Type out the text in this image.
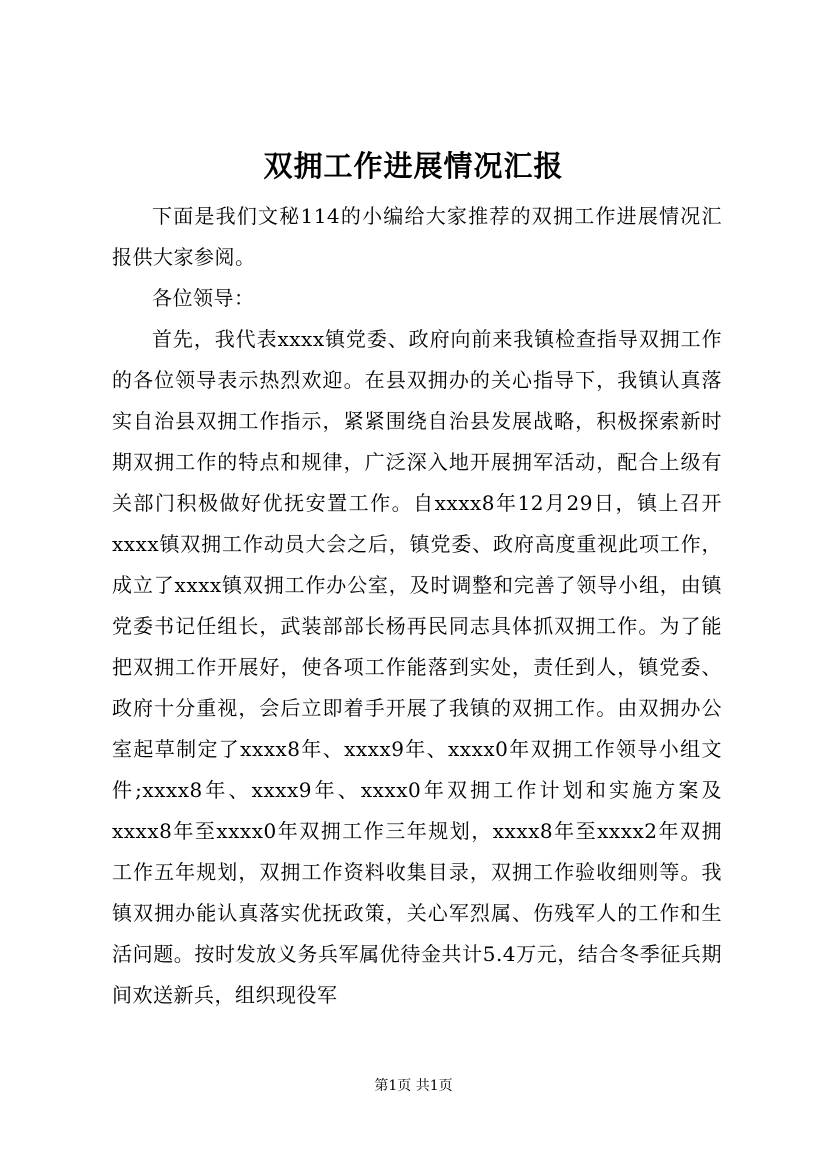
双拥工作进展情况汇报

下面是我们文秘114的小编给大家推荐的双拥工作进展情况汇报供大家参阅。

各位领导：

首先，我代表xxxx镇党委、政府向前来我镇检查指导双拥工作的各位领导表示热烈欢迎。在县双拥办的关心指导下，我镇认真落实自治县双拥工作指示，紧紧围绕自治县发展战略，积极探索新时期双拥工作的特点和规律，广泛深入地开展拥军活动，配合上级有关部门积极做好优抚安置工作。自xxxx8年12月29日，镇上召开xxxx镇双拥工作动员大会之后，镇党委、政府高度重视此项工作，成立了xxxx镇双拥工作办公室，及时调整和完善了领导小组，由镇党委书记任组长，武装部部长杨再民同志具体抓双拥工作。为了能把双拥工作开展好，使各项工作能落到实处，责任到人，镇党委、政府十分重视，会后立即着手开展了我镇的双拥工作。由双拥办公室起草制定了xxxx8年、xxxx9年、xxxx0年双拥工作领导小组文件;xxxx8年、xxxx9年、xxxx0年双拥工作计划和实施方案及xxxx8年至xxxx0年双拥工作三年规划，xxxx8年至xxxx2年双拥工作五年规划，双拥工作资料收集目录，双拥工作验收细则等。我镇双拥办能认真落实优抚政策，关心军烈属、伤残军人的工作和生活问题。按时发放义务兵军属优待金共计5.4万元，结合冬季征兵期间欢送新兵，组织现役军

第1页 共1页
